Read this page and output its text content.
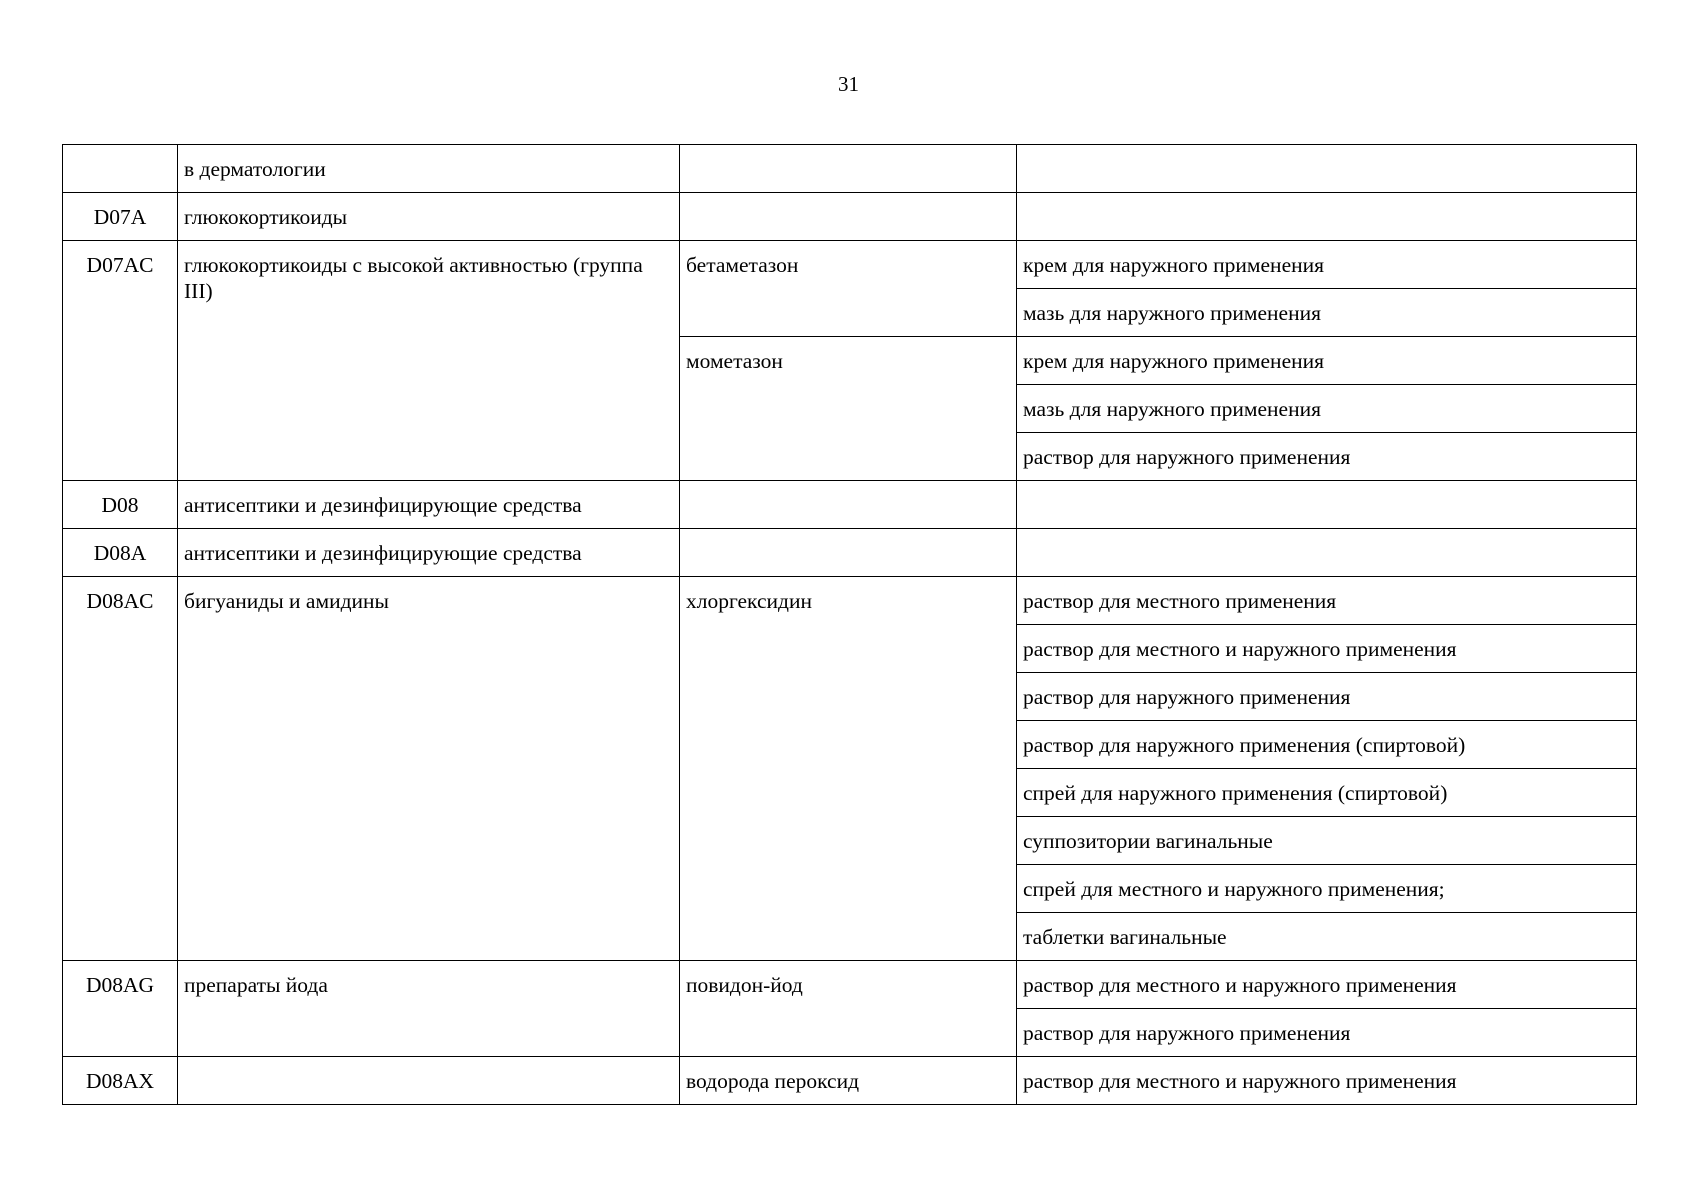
31
	в дерматологии		
D07A	глюкокортикоиды		
D07AC	глюкокортикоиды с высокой активностью (группа III)	бетаметазон	крем для наружного применения
			мазь для наружного применения
		мометазон	крем для наружного применения
			мазь для наружного применения
			раствор для наружного применения
D08	антисептики и дезинфицирующие средства		
D08A	антисептики и дезинфицирующие средства		
D08AC	бигуаниды и амидины	хлоргексидин	раствор для местного применения
			раствор для местного и наружного применения
			раствор для наружного применения
			раствор для наружного применения (спиртовой)
			спрей для наружного применения (спиртовой)
			суппозитории вагинальные
			спрей для местного и наружного применения;
			таблетки вагинальные
D08AG	препараты йода	повидон-йод	раствор для местного и наружного применения
			раствор для наружного применения
D08AX		водорода пероксид	раствор для местного и наружного применения
